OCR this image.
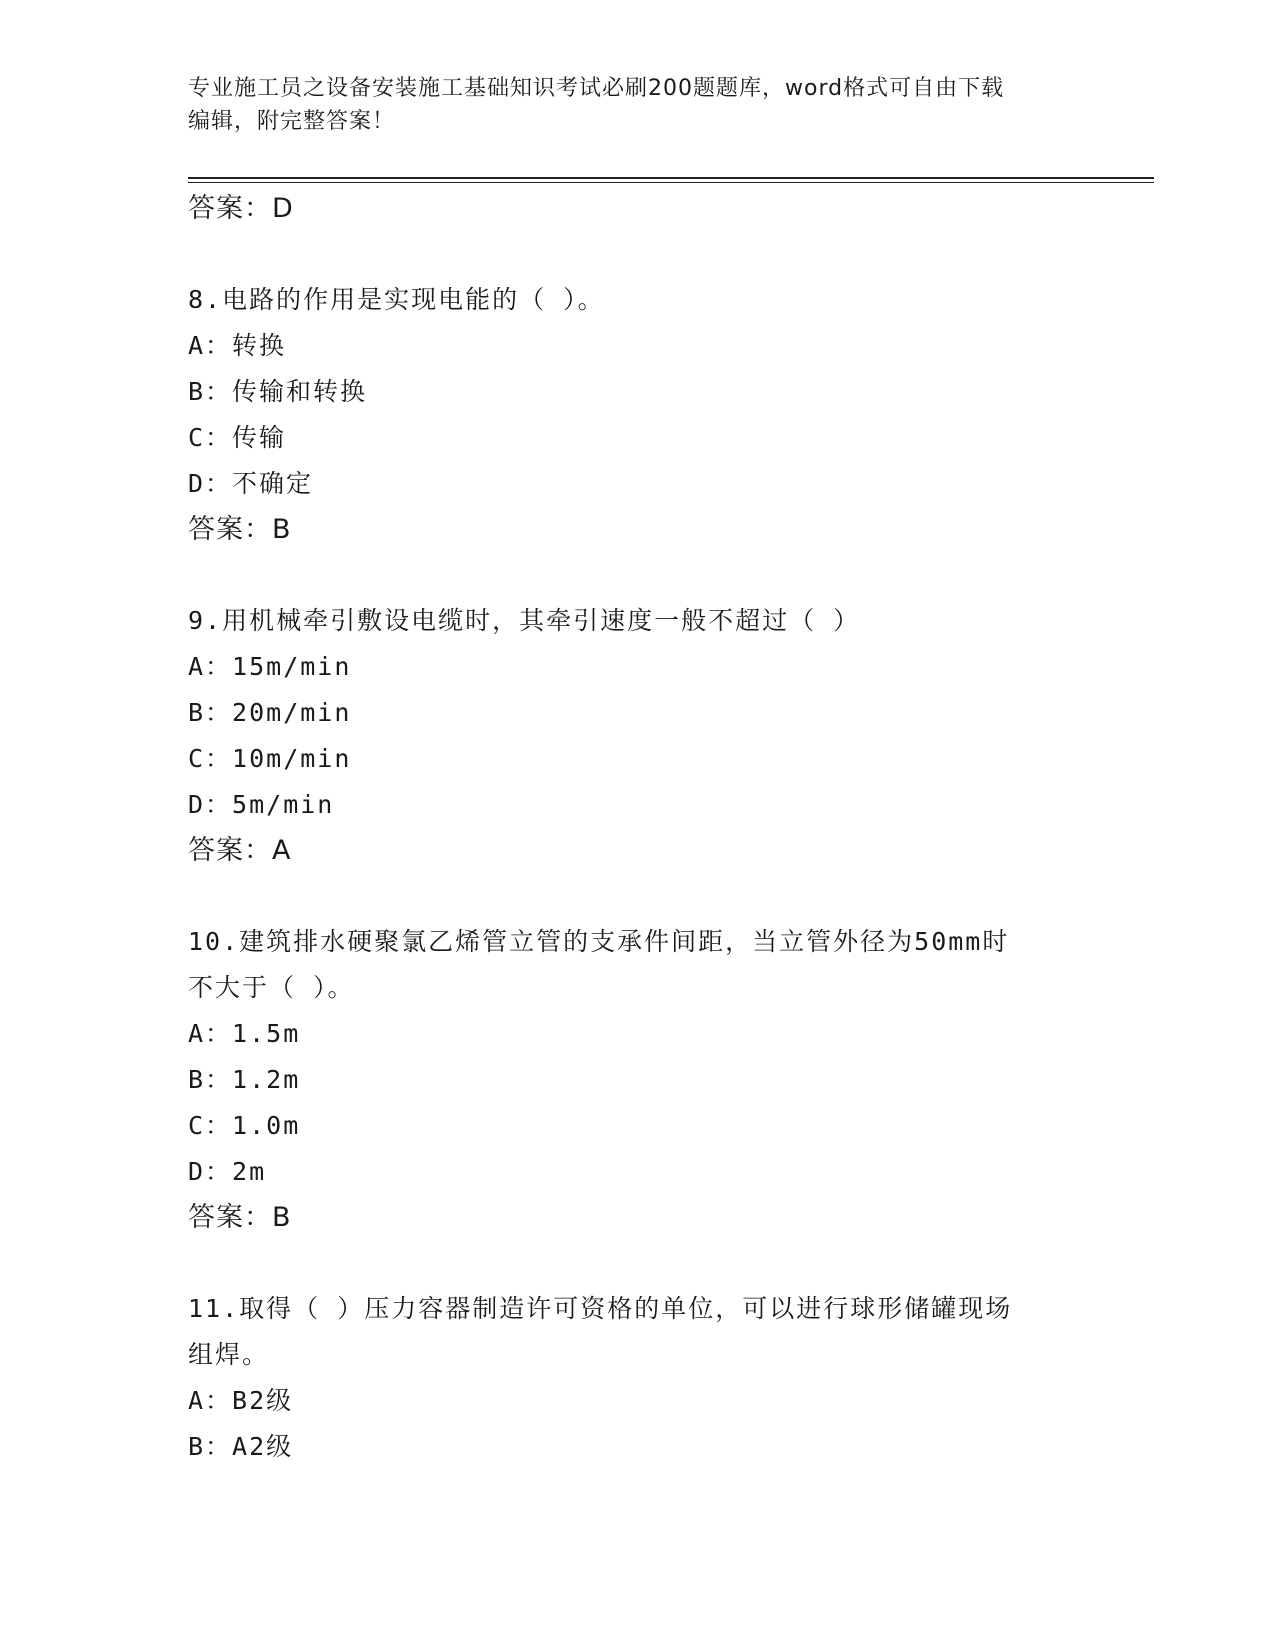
专业施工员之设备安装施工基础知识考试必刷200题题库，word格式可自由下载
编辑，附完整答案！
答案：D
8.电路的作用是实现电能的（ ）。
A：转换
B：传输和转换
C：传输
D：不确定
答案：B
9.用机械牵引敷设电缆时，其牵引速度一般不超过（ ）
A：15m/min
B：20m/min
C：10m/min
D：5m/min
答案：A
10.建筑排水硬聚氯乙烯管立管的支承件间距，当立管外径为50mm时
不大于（ ）。
A：1.5m
B：1.2m
C：1.0m
D：2m
答案：B
11.取得（ ）压力容器制造许可资格的单位，可以进行球形储罐现场
组焊。
A：B2级
B：A2级
